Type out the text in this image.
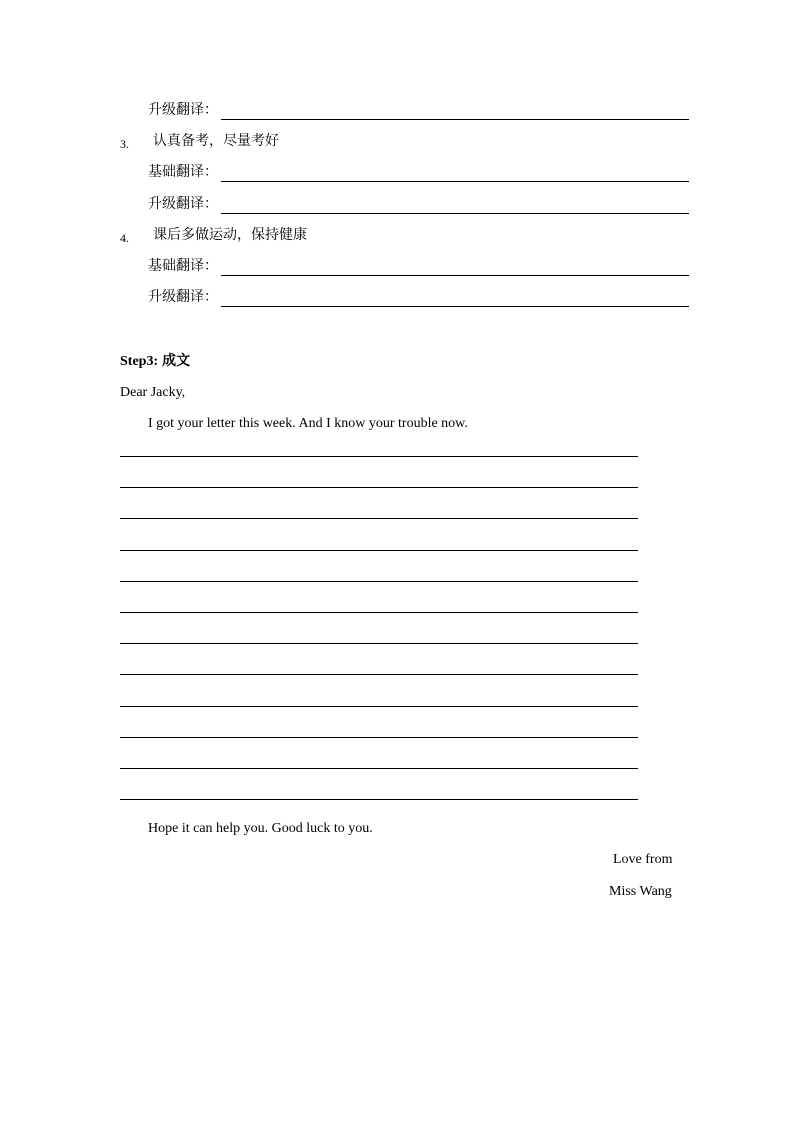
升级翻译：
3. 认真备考，尽量考好
基础翻译：
升级翻译：
4. 课后多做运动，保持健康
基础翻译：
升级翻译：
Step3: 成文
Dear Jacky,
I got your letter this week. And I know your trouble now.
Hope it can help you. Good luck to you.
Love from
Miss Wang
